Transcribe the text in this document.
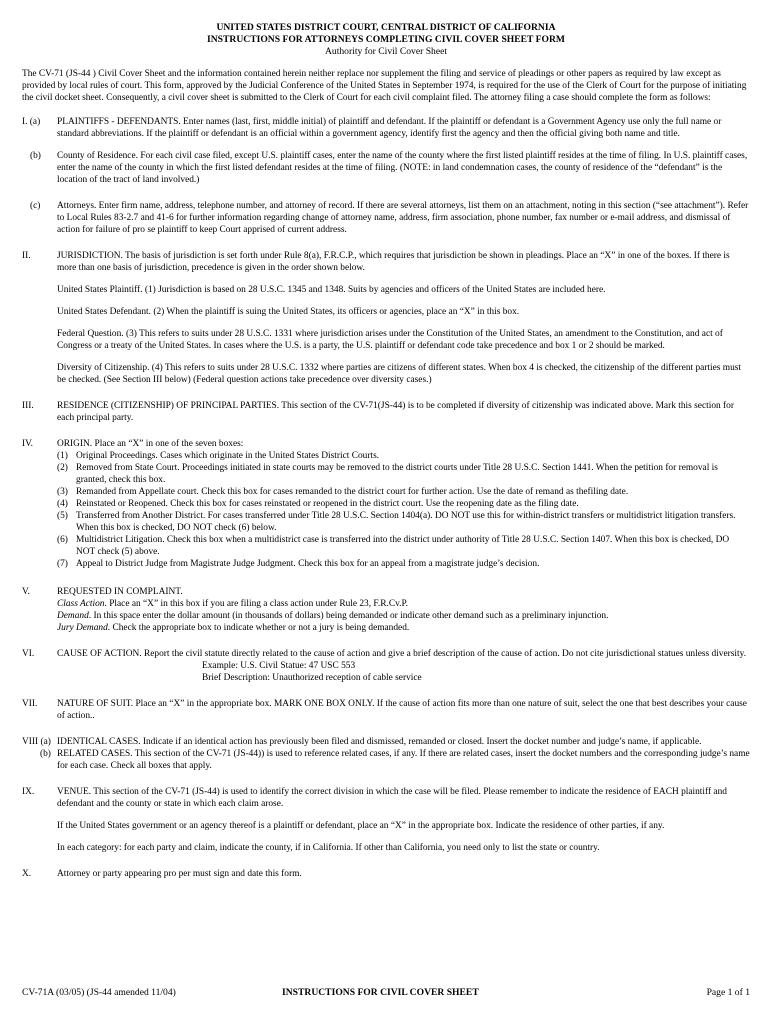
UNITED STATES DISTRICT COURT, CENTRAL DISTRICT OF CALIFORNIA
INSTRUCTIONS FOR ATTORNEYS COMPLETING CIVIL COVER SHEET FORM
Authority for Civil Cover Sheet

The CV-71 (JS-44 ) Civil Cover Sheet and the information contained herein neither replace nor supplement the filing and service of pleadings or other papers as required by law except as provided by local rules of court. This form, approved by the Judicial Conference of the United States in September 1974, is required for the use of the Clerk of Court for the purpose of initiating the civil docket sheet. Consequently, a civil cover sheet is submitted to the Clerk of Court for each civil complaint filed. The attorney filing a case should complete the form as follows:

I. (a) PLAINTIFFS - DEFENDANTS. Enter names (last, first, middle initial) of plaintiff and defendant. If the plaintiff or defendant is a Government Agency use only the full name or standard abbreviations. If the plaintiff or defendant is an official within a government agency, identify first the agency and then the official giving both name and title.

(b) County of Residence. For each civil case filed, except U.S. plaintiff cases, enter the name of the county where the first listed plaintiff resides at the time of filing. In U.S. plaintiff cases, enter the name of the county in which the first listed defendant resides at the time of filing. (NOTE: in land condemnation cases, the county of residence of the “defendant” is the location of the tract of land involved.)

(c) Attorneys. Enter firm name, address, telephone number, and attorney of record. If there are several attorneys, list them on an attachment, noting in this section (“see attachment”). Refer to Local Rules 83-2.7 and 41-6 for further information regarding change of attorney name, address, firm association, phone number, fax number or e-mail address, and dismissal of action for failure of pro se plaintiff to keep Court apprised of current address.

II.	JURISDICTION. The basis of jurisdiction is set forth under Rule 8(a), F.R.C.P., which requires that jurisdiction be shown in pleadings. Place an “X” in one of the boxes. If there is more than one basis of jurisdiction, precedence is given in the order shown below.

United States Plaintiff. (1) Jurisdiction is based on 28 U.S.C. 1345 and 1348. Suits by agencies and officers of the United States are included here.

United States Defendant. (2) When the plaintiff is suing the United States, its officers or agencies, place an “X” in this box.

Federal Question. (3) This refers to suits under 28 U.S.C. 1331 where jurisdiction arises under the Constitution of the United States, an amendment to the Constitution, and act of Congress or a treaty of the United States. In cases where the U.S. is a party, the U.S. plaintiff or defendant code take precedence and box 1 or 2 should be marked.

Diversity of Citizenship. (4) This refers to suits under 28 U.S.C. 1332 where parties are citizens of different states. When box 4 is checked, the citizenship of the different parties must be checked. (See Section III below) (Federal question actions take precedence over diversity cases.)

III. RESIDENCE (CITIZENSHIP) OF PRINCIPAL PARTIES. This section of the CV-71(JS-44) is to be completed if diversity of citizenship was indicated above. Mark this section for each principal party.

IV.	ORIGIN. Place an “X” in one of the seven boxes:

(1) Original Proceedings. Cases which originate in the United States District Courts.
(2) Removed from State Court. Proceedings initiated in state courts may be removed to the district courts under Title 28 U.S.C. Section 1441. When the petition for removal is granted, check this box.
(3) Remanded from Appellate court. Check this box for cases remanded to the district court for further action. Use the date of remand as thefiling date.
(4) Reinstated or Reopened. Check this box for cases reinstated or reopened in the district court. Use the reopening date as the filing date.
(5) Transferred from Another District. For cases transferred under Title 28 U.S.C. Section 1404(a). DO NOT use this for within-district transfers or multidistrict litigation transfers. When this box is checked, DO NOT check (6) below.
(6) Multidistrict Litigation. Check this box when a multidistrict case is transferred into the district under authority of Title 28 U.S.C. Section 1407. When this box is checked, DO NOT check (5) above.
(7) Appeal to District Judge from Magistrate Judge Judgment. Check this box for an appeal from a magistrate judge’s decision.
V.	REQUESTED IN COMPLAINT.

Class Action. Place an “X” in this box if you are filing a class action under Rule 23, F.R.Cv.P.

Demand. In this space enter the dollar amount (in thousands of dollars) being demanded or indicate other demand such as a preliminary injunction.

Jury Demand. Check the appropriate box to indicate whether or not a jury is being demanded.

VI. CAUSE OF ACTION. Report the civil statute directly related to the cause of action and give a brief description of the cause of action. Do not cite jurisdictional statues unless diversity.

Example: U.S. Civil Statue: 47 USC 553

Brief Description: Unauthorized reception of cable service

VII. NATURE OF SUIT. Place an “X” in the appropriate box. MARK ONE BOX ONLY. If the cause of action fits more than one nature of suit, select the one that best describes your cause of action..

VIII (a) IDENTICAL CASES. Indicate if an identical action has previously been filed and dismissed, remanded or closed. Insert the docket number and judge’s name, if applicable.

(b) RELATED CASES. This section of the CV-71 (JS-44)) is used to reference related cases, if any. If there are related cases, insert the docket numbers and the corresponding judge’s name for each case. Check all boxes that apply.

IX. VENUE. This section of the CV-71 (JS-44) is used to identify the correct division in which the case will be filed. Please remember to indicate the residence of EACH plaintiff and defendant and the county or state in which each claim arose.

If the United States government or an agency thereof is a plaintiff or defendant, place an “X” in the appropriate box. Indicate the residence of other parties, if any.

In each category: for each party and claim, indicate the county, if in California. If other than California, you need only to list the state or country.

X.	Attorney or party appearing pro per must sign and date this form.

CV-71A (03/05) (JS-44 amended 11/04)	INSTRUCTIONS FOR CIVIL COVER SHEET	Page 1 of 1
